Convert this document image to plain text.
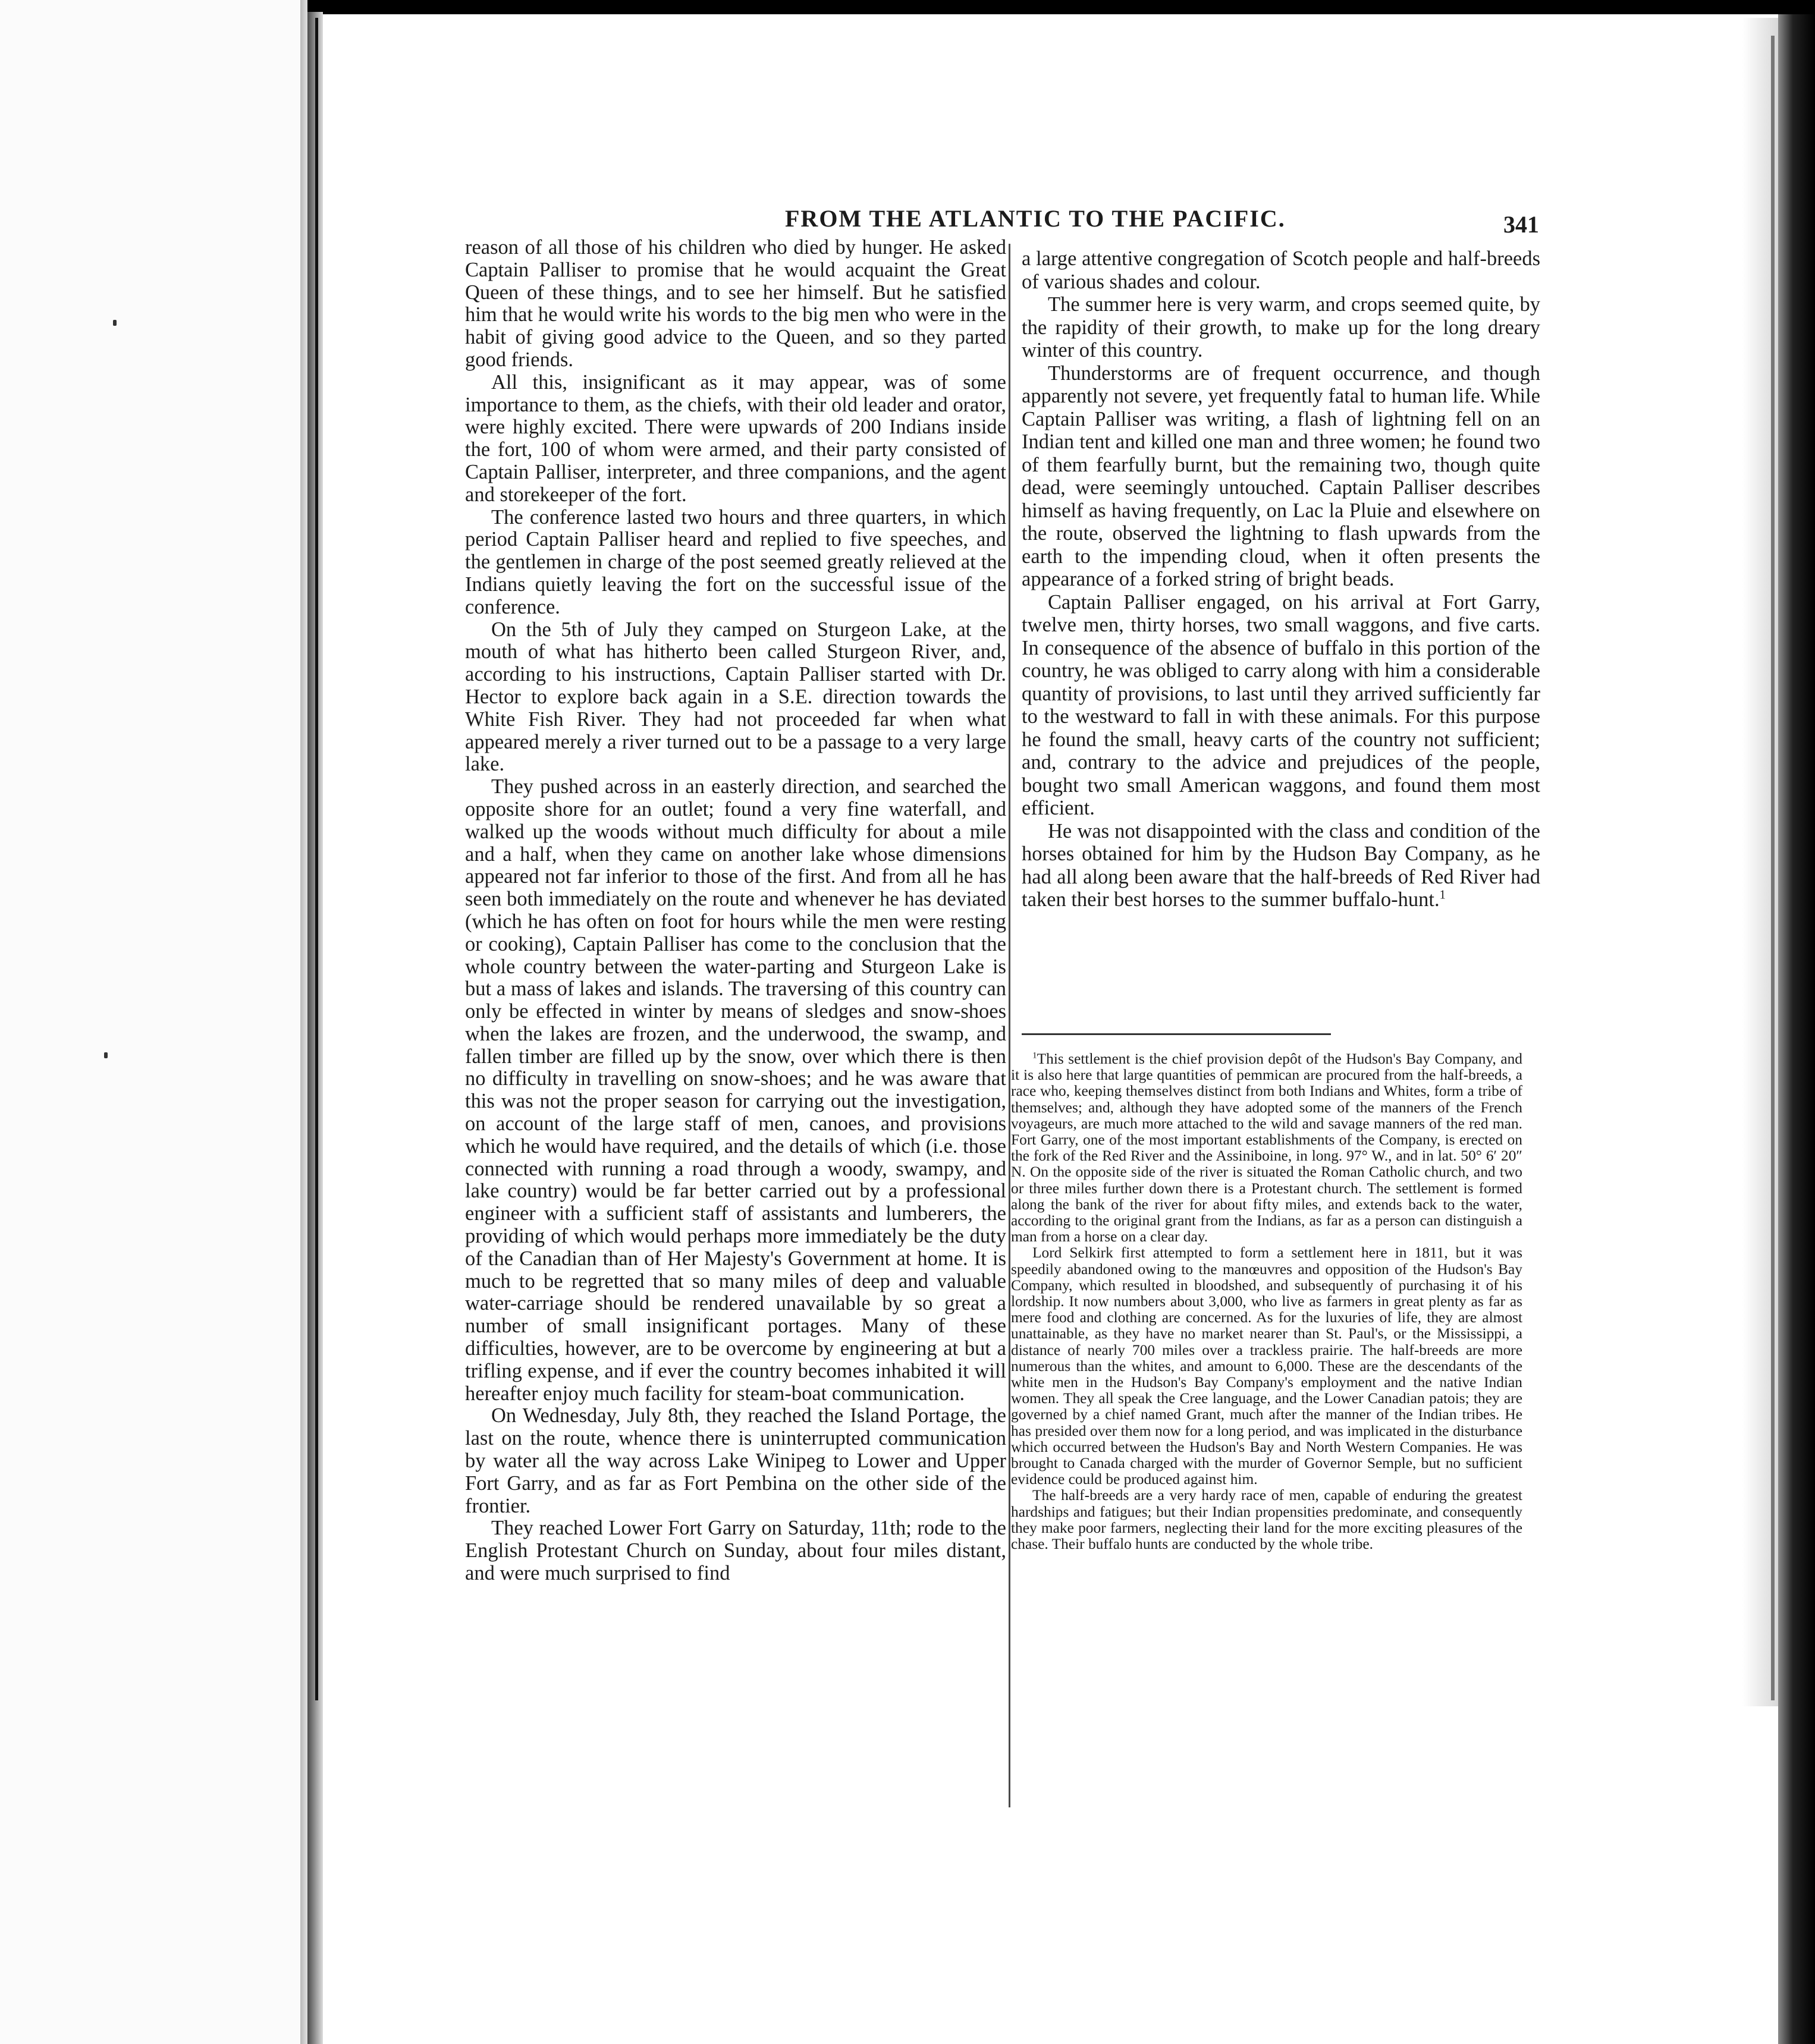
FROM THE ATLANTIC TO THE PACIFIC.	341

reason of all those of his children who died by hunger. He asked Captain Palliser to promise that he would acquaint the Great Queen of these things, and to see her himself. But he satisfied him that he would write his words to the big men who were in the habit of giving good advice to the Queen, and so they parted good friends.

All this, insignificant as it may appear, was of some importance to them, as the chiefs, with their old leader and orator, were highly excited. There were upwards of 200 Indians inside the fort, 100 of whom were armed, and their party consisted of Captain Palliser, interpreter, and three companions, and the agent and storekeeper of the fort.

The conference lasted two hours and three quarters, in which period Captain Palliser heard and replied to five speeches, and the gentlemen in charge of the post seemed greatly relieved at the Indians quietly leaving the fort on the successful issue of the conference.

On the 5th of July they camped on Sturgeon Lake, at the mouth of what has hitherto been called Sturgeon River, and, according to his instructions, Captain Palliser started with Dr. Hector to explore back again in a S.E. direction towards the White Fish River. They had not proceeded far when what appeared merely a river turned out to be a passage to a very large lake.

They pushed across in an easterly direction, and searched the opposite shore for an outlet; found a very fine waterfall, and walked up the woods without much difficulty for about a mile and a half, when they came on another lake whose dimensions appeared not far inferior to those of the first. And from all he has seen both immediately on the route and whenever he has deviated (which he has often on foot for hours while the men were resting or cooking), Captain Palliser has come to the conclusion that the whole country between the water-parting and Sturgeon Lake is but a mass of lakes and islands. The traversing of this country can only be effected in winter by means of sledges and snow-shoes when the lakes are frozen, and the underwood, the swamp, and fallen timber are filled up by the snow, over which there is then no difficulty in travelling on snow-shoes; and he was aware that this was not the proper season for carrying out the investigation, on account of the large staff of men, canoes, and provisions which he would have required, and the details of which (i.e. those connected with running a road through a woody, swampy, and lake country) would be far better carried out by a professional engineer with a sufficient staff of assistants and lumberers, the providing of which would perhaps more immediately be the duty of the Canadian than of Her Majesty's Government at home. It is much to be regretted that so many miles of deep and valuable water-carriage should be rendered unavailable by so great a number of small insignificant portages. Many of these difficulties, however, are to be overcome by engineering at but a trifling expense, and if ever the country becomes inhabited it will hereafter enjoy much facility for steam-boat communication.

On Wednesday, July 8th, they reached the Island Portage, the last on the route, whence there is uninterrupted communication by water all the way across Lake Winipeg to Lower and Upper Fort Garry, and as far as Fort Pembina on the other side of the frontier.

They reached Lower Fort Garry on Saturday, 11th; rode to the English Protestant Church on Sunday, about four miles distant, and were much surprised to find

a large attentive congregation of Scotch people and half-breeds of various shades and colour.

The summer here is very warm, and crops seemed quite, by the rapidity of their growth, to make up for the long dreary winter of this country.

Thunderstorms are of frequent occurrence, and though apparently not severe, yet frequently fatal to human life. While Captain Palliser was writing, a flash of lightning fell on an Indian tent and killed one man and three women; he found two of them fearfully burnt, but the remaining two, though quite dead, were seemingly untouched. Captain Palliser describes himself as having frequently, on Lac la Pluie and elsewhere on the route, observed the lightning to flash upwards from the earth to the impending cloud, when it often presents the appearance of a forked string of bright beads.

Captain Palliser engaged, on his arrival at Fort Garry, twelve men, thirty horses, two small waggons, and five carts. In consequence of the absence of buffalo in this portion of the country, he was obliged to carry along with him a considerable quantity of provisions, to last until they arrived sufficiently far to the westward to fall in with these animals. For this purpose he found the small, heavy carts of the country not sufficient; and, contrary to the advice and prejudices of the people, bought two small American waggons, and found them most efficient.

He was not disappointed with the class and condition of the horses obtained for him by the Hudson Bay Company, as he had all along been aware that the half-breeds of Red River had taken their best horses to the summer buffalo-hunt.$^1$

$^1$This settlement is the chief provision depôt of the Hudson's Bay Company, and it is also here that large quantities of pemmican are procured from the half-breeds, a race who, keeping themselves distinct from both Indians and Whites, form a tribe of themselves; and, although they have adopted some of the manners of the French voyageurs, are much more attached to the wild and savage manners of the red man. Fort Garry, one of the most important establishments of the Company, is erected on the fork of the Red River and the Assiniboine, in long. 97° W., and in lat. 50° 6′ 20″ N. On the opposite side of the river is situated the Roman Catholic church, and two or three miles further down there is a Protestant church. The settlement is formed along the bank of the river for about fifty miles, and extends back to the water, according to the original grant from the Indians, as far as a person can distinguish a man from a horse on a clear day.

Lord Selkirk first attempted to form a settlement here in 1811, but it was speedily abandoned owing to the manœuvres and opposition of the Hudson's Bay Company, which resulted in bloodshed, and subsequently of purchasing it of his lordship. It now numbers about 3,000, who live as farmers in great plenty as far as mere food and clothing are concerned. As for the luxuries of life, they are almost unattainable, as they have no market nearer than St. Paul's, or the Mississippi, a distance of nearly 700 miles over a trackless prairie. The half-breeds are more numerous than the whites, and amount to 6,000. These are the descendants of the white men in the Hudson's Bay Company's employment and the native Indian women. They all speak the Cree language, and the Lower Canadian patois; they are governed by a chief named Grant, much after the manner of the Indian tribes. He has presided over them now for a long period, and was implicated in the disturbance which occurred between the Hudson's Bay and North Western Companies. He was brought to Canada charged with the murder of Governor Semple, but no sufficient evidence could be produced against him.

The half-breeds are a very hardy race of men, capable of enduring the greatest hardships and fatigues; but their Indian propensities predominate, and consequently they make poor farmers, neglecting their land for the more exciting pleasures of the chase. Their buffalo hunts are conducted by the whole tribe.
